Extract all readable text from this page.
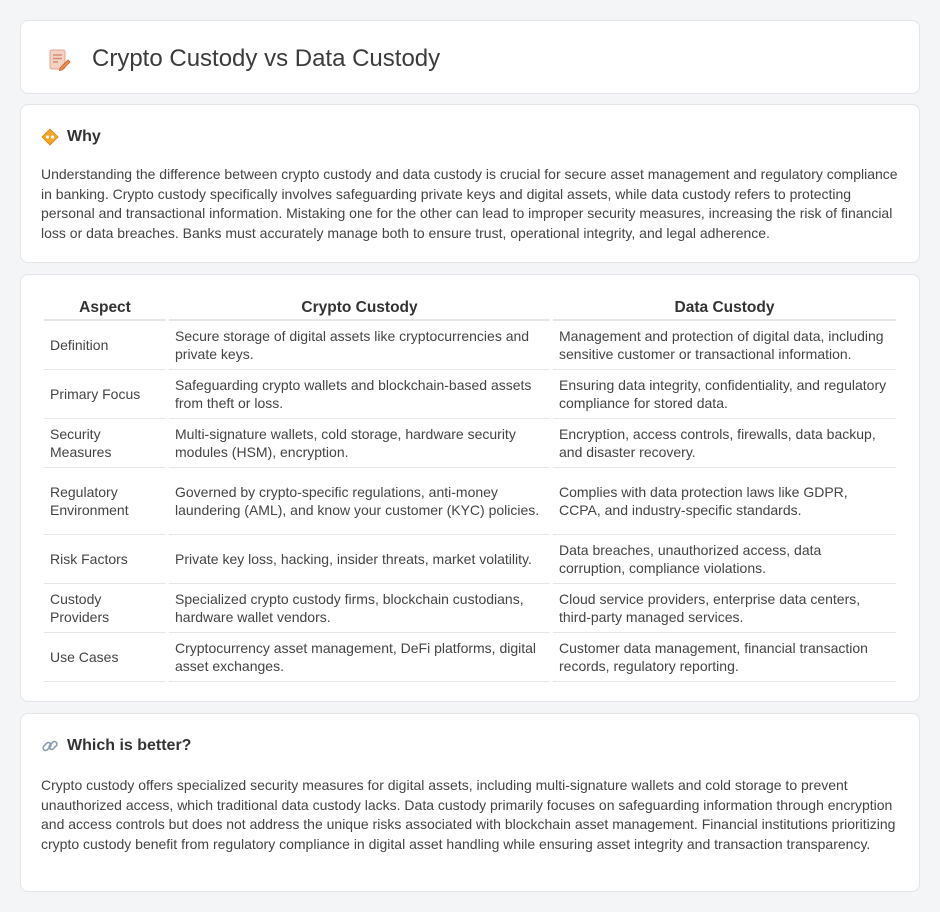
Crypto Custody vs Data Custody
Why

Understanding the difference between crypto custody and data custody is crucial for secure asset management and regulatory compliance in banking. Crypto custody specifically involves safeguarding private keys and digital assets, while data custody refers to protecting personal and transactional information. Mistaking one for the other can lead to improper security measures, increasing the risk of financial loss or data breaches. Banks must accurately manage both to ensure trust, operational integrity, and legal adherence.

Aspect	Crypto Custody	Data Custody
Definition	Secure storage of digital assets like cryptocurrencies and private keys.	Management and protection of digital data, including sensitive customer or transactional information.
Primary Focus	Safeguarding crypto wallets and blockchain-based assets from theft or loss.	Ensuring data integrity, confidentiality, and regulatory compliance for stored data.
Security Measures	Multi-signature wallets, cold storage, hardware security modules (HSM), encryption.	Encryption, access controls, firewalls, data backup, and disaster recovery.
Regulatory Environment	Governed by crypto-specific regulations, anti-money laundering (AML), and know your customer (KYC) policies.	Complies with data protection laws like GDPR, CCPA, and industry-specific standards.
Risk Factors	Private key loss, hacking, insider threats, market volatility.	Data breaches, unauthorized access, data corruption, compliance violations.
Custody Providers	Specialized crypto custody firms, blockchain custodians, hardware wallet vendors.	Cloud service providers, enterprise data centers, third-party managed services.
Use Cases	Cryptocurrency asset management, DeFi platforms, digital asset exchanges.	Customer data management, financial transaction records, regulatory reporting.
Which is better?

Crypto custody offers specialized security measures for digital assets, including multi-signature wallets and cold storage to prevent unauthorized access, which traditional data custody lacks. Data custody primarily focuses on safeguarding information through encryption and access controls but does not address the unique risks associated with blockchain asset management. Financial institutions prioritizing crypto custody benefit from regulatory compliance in digital asset handling while ensuring asset integrity and transaction transparency.
